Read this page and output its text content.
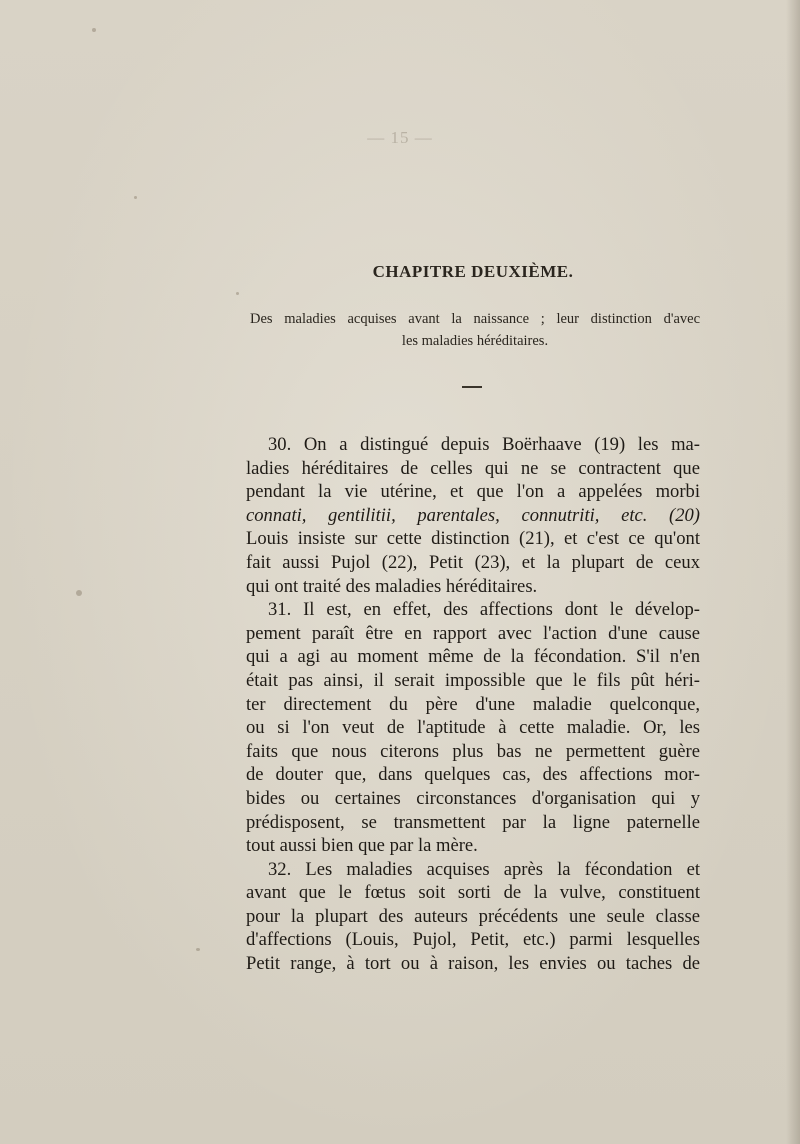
— 15 —
CHAPITRE DEUXIÈME.
Des maladies acquises avant la naissance ; leur distinction d'avec
les maladies héréditaires.
30. On a distingué depuis Boërhaave (19) les ma-
ladies héréditaires de celles qui ne se contractent que
pendant la vie utérine, et que l'on a appelées morbi
connati, gentilitii, parentales, connutriti, etc. (20)
Louis insiste sur cette distinction (21), et c'est ce qu'ont
fait aussi Pujol (22), Petit (23), et la plupart de ceux
qui ont traité des maladies héréditaires.
31. Il est, en effet, des affections dont le dévelop-
pement paraît être en rapport avec l'action d'une cause
qui a agi au moment même de la fécondation. S'il n'en
était pas ainsi, il serait impossible que le fils pût héri-
ter directement du père d'une maladie quelconque,
ou si l'on veut de l'aptitude à cette maladie. Or, les
faits que nous citerons plus bas ne permettent guère
de douter que, dans quelques cas, des affections mor-
bides ou certaines circonstances d'organisation qui y
prédisposent, se transmettent par la ligne paternelle
tout aussi bien que par la mère.
32. Les maladies acquises après la fécondation et
avant que le fœtus soit sorti de la vulve, constituent
pour la plupart des auteurs précédents une seule classe
d'affections (Louis, Pujol, Petit, etc.) parmi lesquelles
Petit range, à tort ou à raison, les envies ou taches de
